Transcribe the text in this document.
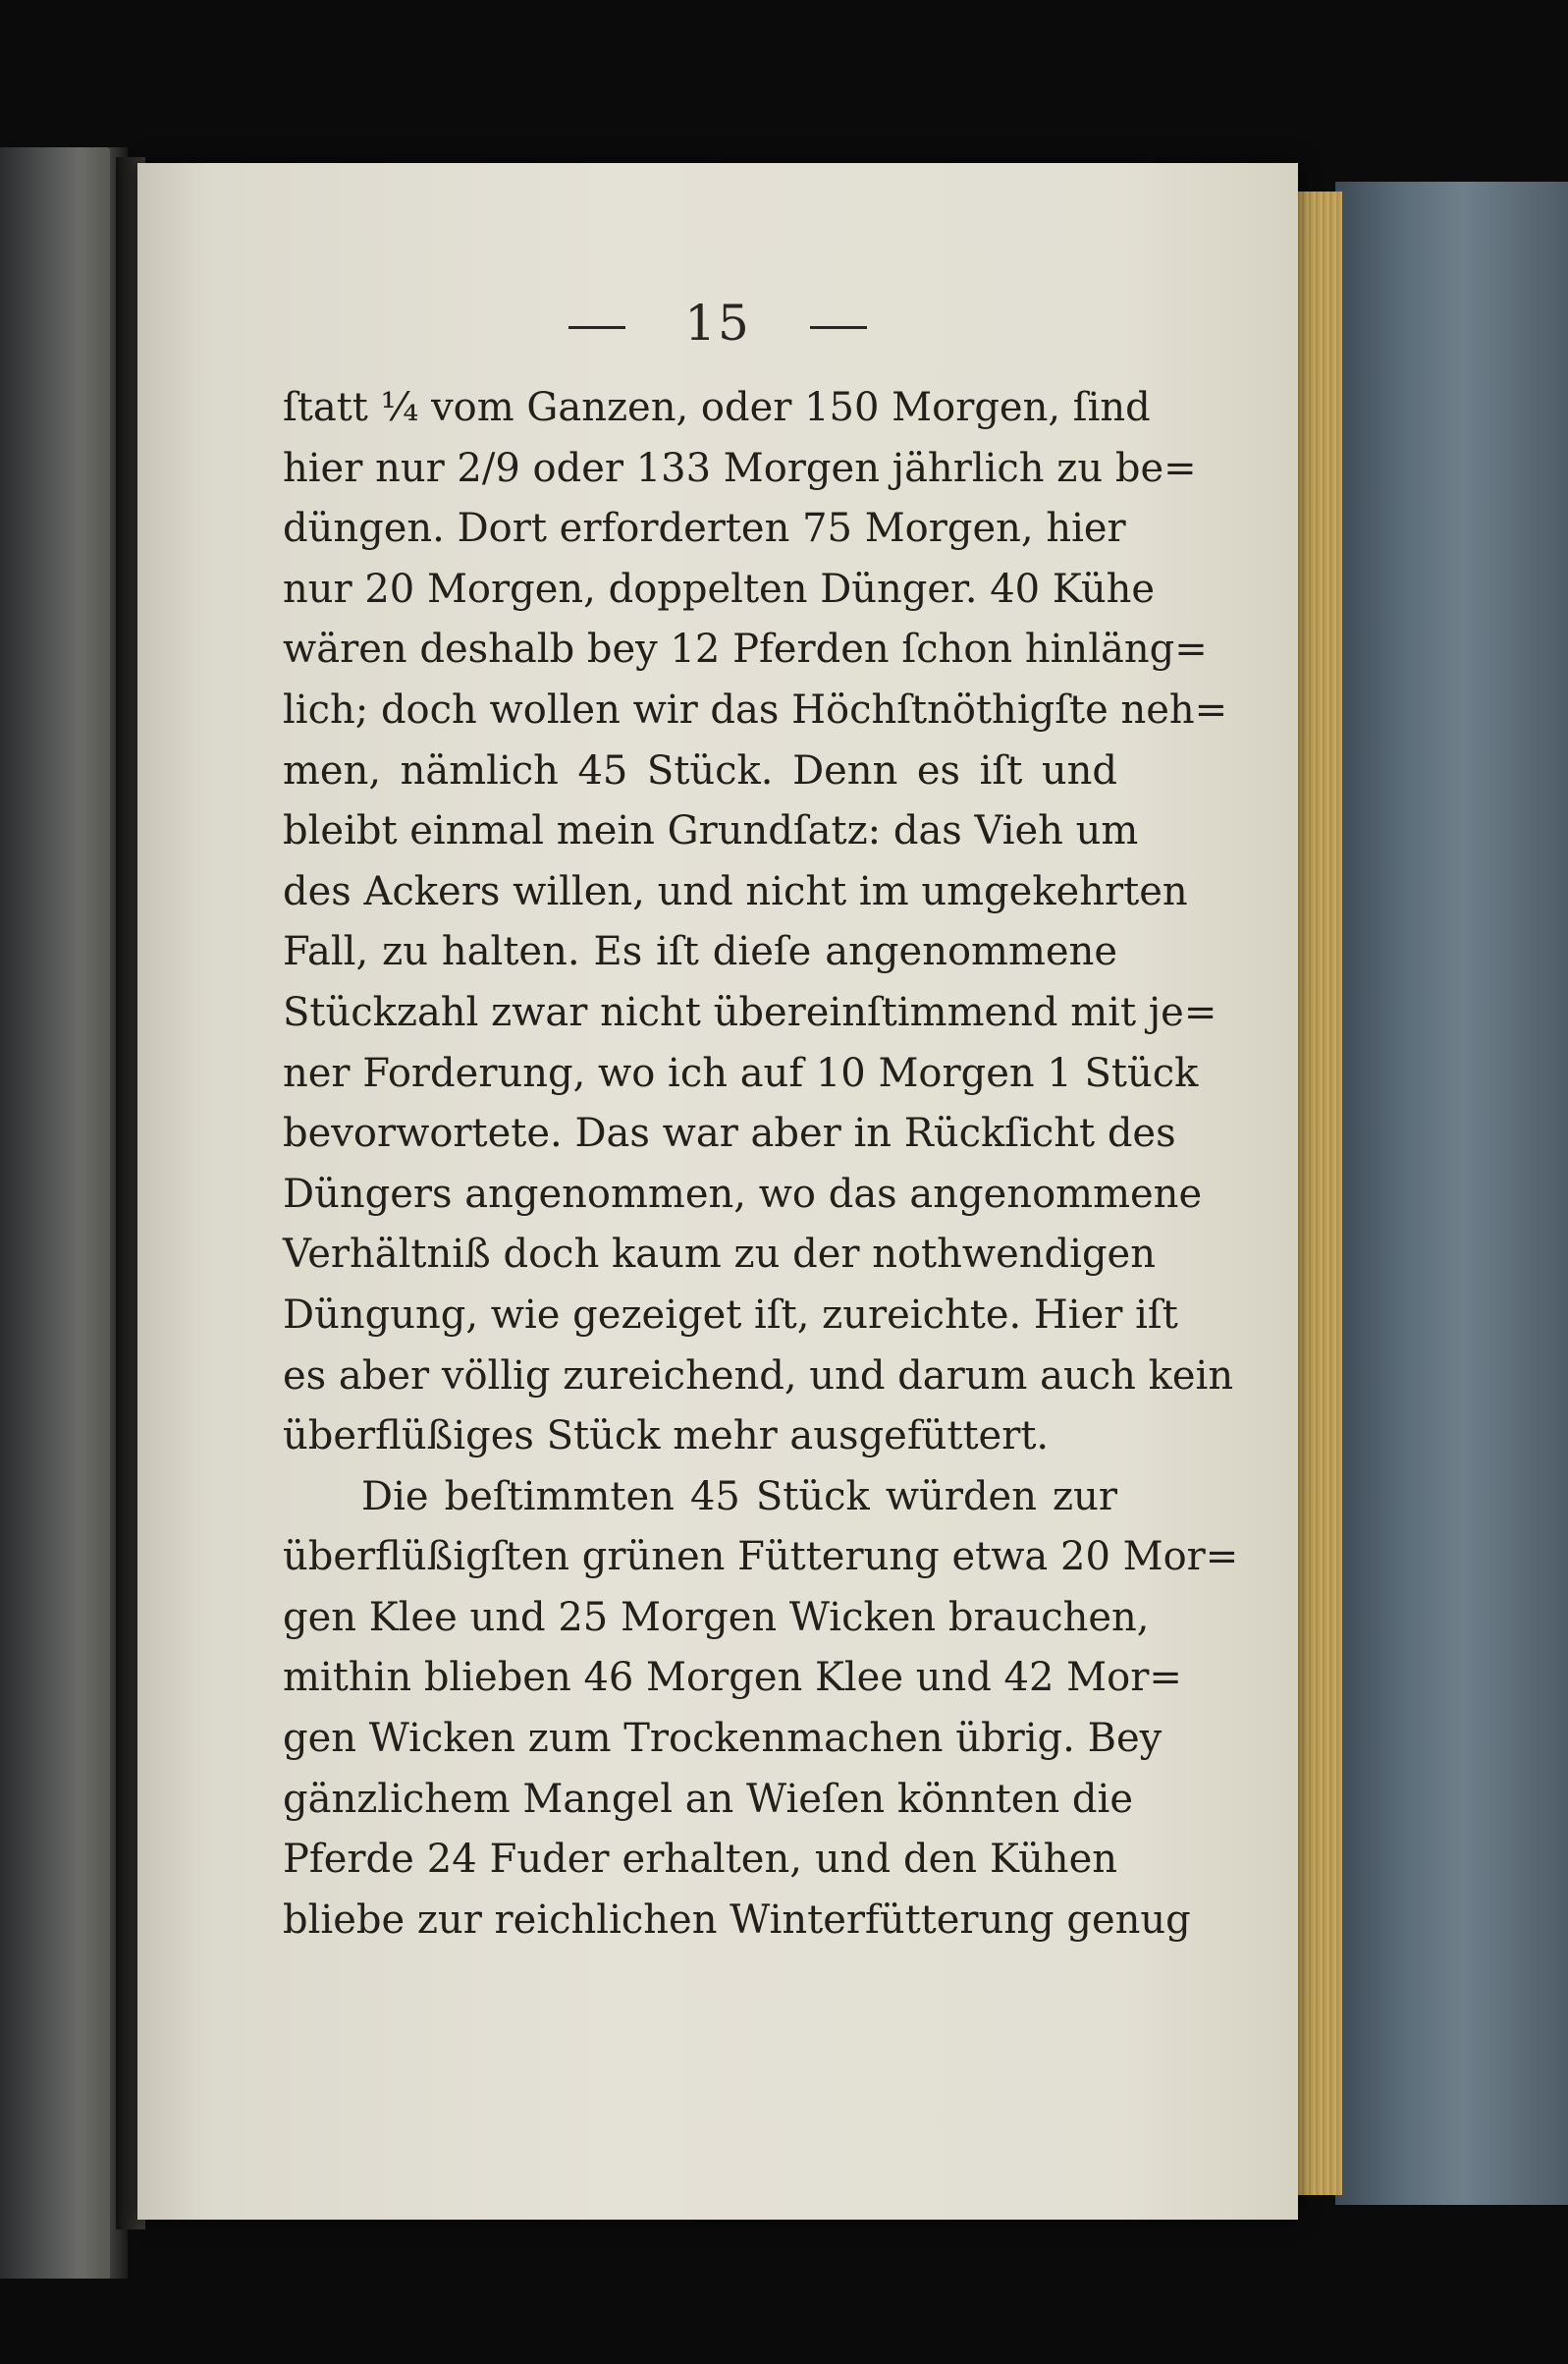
15
ſtatt ¼ vom Ganzen, oder 150 Morgen, ſind
hier nur 2/9 oder 133 Morgen jährlich zu be=
düngen. Dort erforderten 75 Morgen, hier
nur 20 Morgen, doppelten Dünger. 40 Kühe
wären deshalb bey 12 Pferden ſchon hinläng=
lich; doch wollen wir das Höchſtnöthigſte neh=
men, nämlich 45 Stück. Denn es iſt und
bleibt einmal mein Grundſatz: das Vieh um
des Ackers willen, und nicht im umgekehrten
Fall, zu halten. Es iſt dieſe angenommene
Stückzahl zwar nicht übereinſtimmend mit je=
ner Forderung, wo ich auf 10 Morgen 1 Stück
bevorwortete. Das war aber in Rückſicht des
Düngers angenommen, wo das angenommene
Verhältniß doch kaum zu der nothwendigen
Düngung, wie gezeiget iſt, zureichte. Hier iſt
es aber völlig zureichend, und darum auch kein
überflüßiges Stück mehr ausgefüttert.
Die beſtimmten 45 Stück würden zur
überflüßigſten grünen Fütterung etwa 20 Mor=
gen Klee und 25 Morgen Wicken brauchen,
mithin blieben 46 Morgen Klee und 42 Mor=
gen Wicken zum Trockenmachen übrig. Bey
gänzlichem Mangel an Wieſen könnten die
Pferde 24 Fuder erhalten, und den Kühen
bliebe zur reichlichen Winterfütterung genug
